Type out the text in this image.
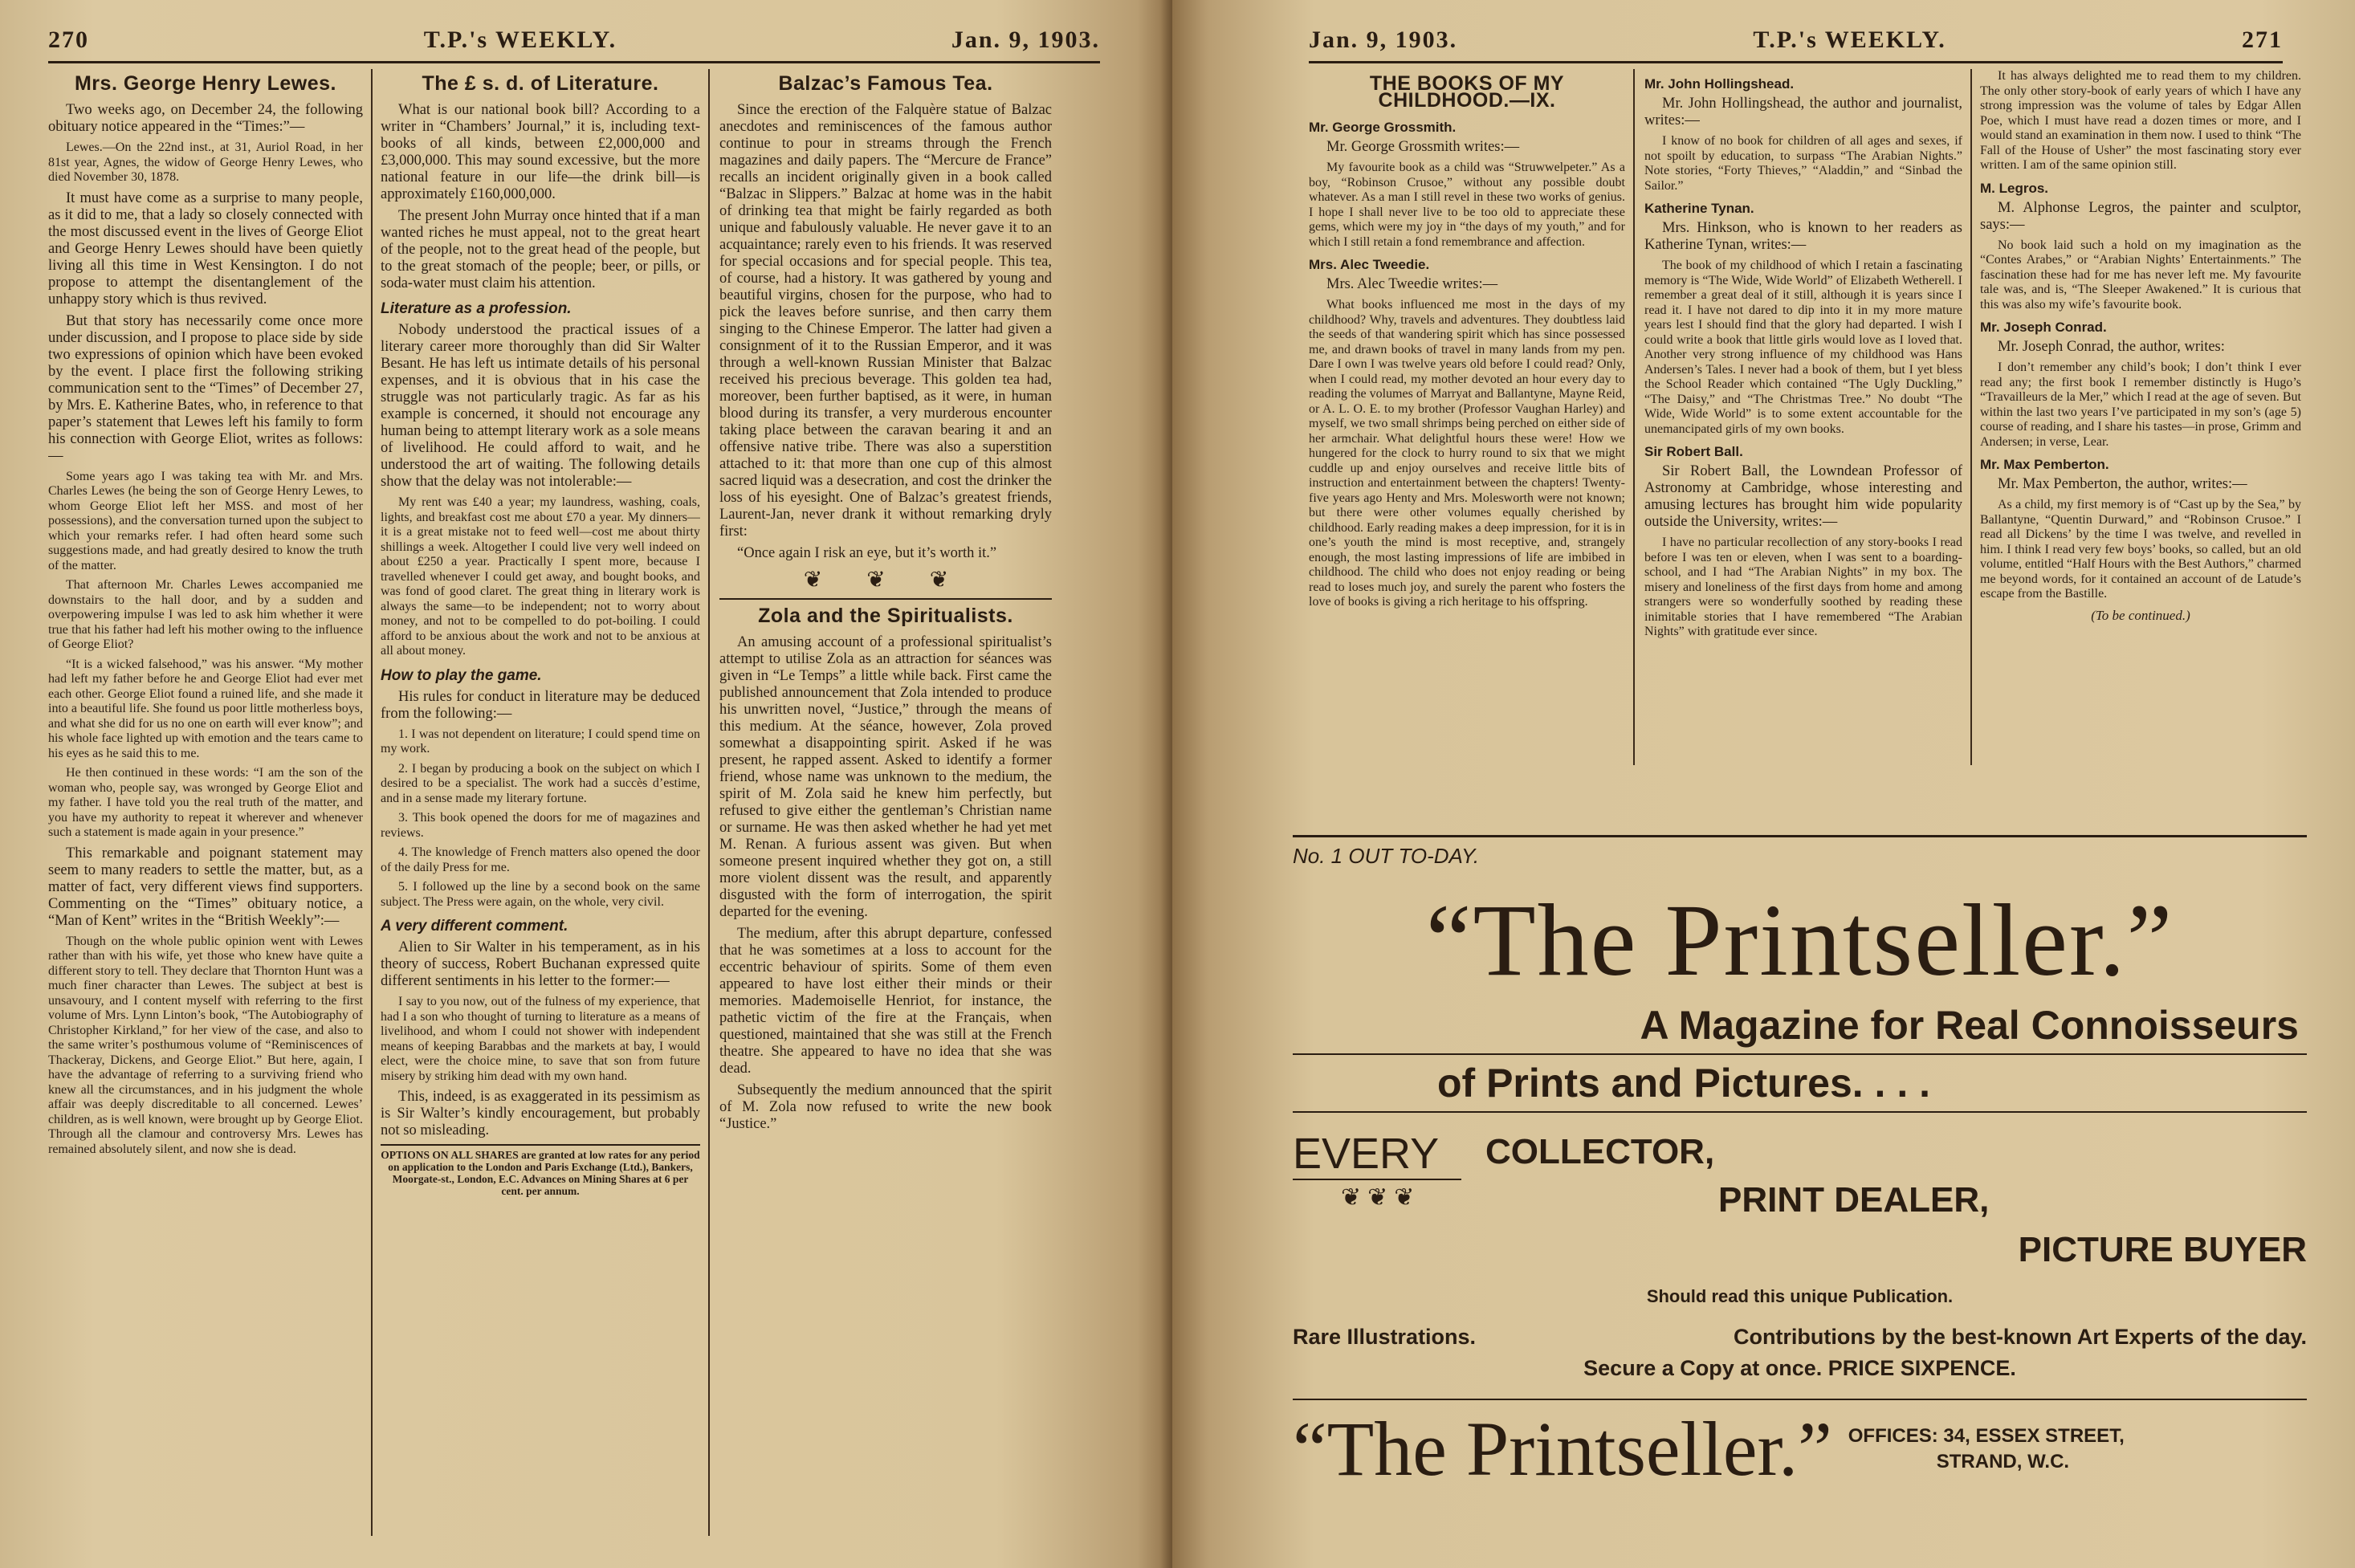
270	T.P.'s WEEKLY.	Jan. 9, 1903.
Mrs. George Henry Lewes.

Two weeks ago, on December 24, the following obituary notice appeared in the “Times:”—

Lewes.—On the 22nd inst., at 31, Auriol Road, in her 81st year, Agnes, the widow of George Henry Lewes, who died November 30, 1878.

It must have come as a surprise to many people, as it did to me, that a lady so closely connected with the most discussed event in the lives of George Eliot and George Henry Lewes should have been quietly living all this time in West Kensington. I do not propose to attempt the disentanglement of the unhappy story which is thus revived.

But that story has necessarily come once more under discussion, and I propose to place side by side two expressions of opinion which have been evoked by the event. I place first the following striking communication sent to the “Times” of December 27, by Mrs. E. Katherine Bates, who, in reference to that paper’s statement that Lewes left his family to form his connection with George Eliot, writes as follows:—

Some years ago I was taking tea with Mr. and Mrs. Charles Lewes (he being the son of George Henry Lewes, to whom George Eliot left her MSS. and most of her possessions), and the conversation turned upon the subject to which your remarks refer. I had often heard some such suggestions made, and had greatly desired to know the truth of the matter.

That afternoon Mr. Charles Lewes accompanied me downstairs to the hall door, and by a sudden and overpowering impulse I was led to ask him whether it were true that his father had left his mother owing to the influence of George Eliot?

“It is a wicked falsehood,” was his answer. “My mother had left my father before he and George Eliot had ever met each other. George Eliot found a ruined life, and she made it into a beautiful life. She found us poor little motherless boys, and what she did for us no one on earth will ever know”; and his whole face lighted up with emotion and the tears came to his eyes as he said this to me.

He then continued in these words: “I am the son of the woman who, people say, was wronged by George Eliot and my father. I have told you the real truth of the matter, and you have my authority to repeat it wherever and whenever such a statement is made again in your presence.”

This remarkable and poignant statement may seem to many readers to settle the matter, but, as a matter of fact, very different views find supporters. Commenting on the “Times” obituary notice, a “Man of Kent” writes in the “British Weekly”:—

Though on the whole public opinion went with Lewes rather than with his wife, yet those who knew have quite a different story to tell. They declare that Thornton Hunt was a much finer character than Lewes. The subject at best is unsavoury, and I content myself with referring to the first volume of Mrs. Lynn Linton’s book, “The Autobiography of Christopher Kirkland,” for her view of the case, and also to the same writer’s posthumous volume of “Reminiscences of Thackeray, Dickens, and George Eliot.” But here, again, I have the advantage of referring to a surviving friend who knew all the circumstances, and in his judgment the whole affair was deeply discreditable to all concerned. Lewes’ children, as is well known, were brought up by George Eliot. Through all the clamour and controversy Mrs. Lewes has remained absolutely silent, and now she is dead.

The £ s. d. of Literature.

What is our national book bill? According to a writer in “Chambers’ Journal,” it is, including text-books of all kinds, between £2,000,000 and £3,000,000. This may sound excessive, but the more national feature in our life—the drink bill—is approximately £160,000,000.

The present John Murray once hinted that if a man wanted riches he must appeal, not to the great heart of the people, not to the great head of the people, but to the great stomach of the people; beer, or pills, or soda-water must claim his attention.

Literature as a profession.

Nobody understood the practical issues of a literary career more thoroughly than did Sir Walter Besant. He has left us intimate details of his personal expenses, and it is obvious that in his case the struggle was not particularly tragic. As far as his example is concerned, it should not encourage any human being to attempt literary work as a sole means of livelihood. He could afford to wait, and he understood the art of waiting. The following details show that the delay was not intolerable:—

My rent was £40 a year; my laundress, washing, coals, lights, and breakfast cost me about £70 a year. My dinners—it is a great mistake not to feed well—cost me about thirty shillings a week. Altogether I could live very well indeed on about £250 a year. Practically I spent more, because I travelled whenever I could get away, and bought books, and was fond of good claret. The great thing in literary work is always the same—to be independent; not to worry about money, and not to be compelled to do pot-boiling. I could afford to be anxious about the work and not to be anxious at all about money.

How to play the game.

His rules for conduct in literature may be deduced from the following:—

1. I was not dependent on literature; I could spend time on my work.

2. I began by producing a book on the subject on which I desired to be a specialist. The work had a succès d’estime, and in a sense made my literary fortune.

3. This book opened the doors for me of magazines and reviews.

4. The knowledge of French matters also opened the door of the daily Press for me.

5. I followed up the line by a second book on the same subject. The Press were again, on the whole, very civil.

A very different comment.

Alien to Sir Walter in his temperament, as in his theory of success, Robert Buchanan expressed quite different sentiments in his letter to the former:—

I say to you now, out of the fulness of my experience, that had I a son who thought of turning to literature as a means of livelihood, and whom I could not shower with independent means of keeping Barabbas and the markets at bay, I would elect, were the choice mine, to save that son from future misery by striking him dead with my own hand.

This, indeed, is as exaggerated in its pessimism as is Sir Walter’s kindly encouragement, but probably not so misleading.

OPTIONS ON ALL SHARES are granted at low rates for any period on application to the London and Paris Exchange (Ltd.), Bankers, Moorgate-st., London, E.C. Advances on Mining Shares at 6 per cent. per annum.
Balzac’s Famous Tea.

Since the erection of the Falquère statue of Balzac anecdotes and reminiscences of the famous author continue to pour in streams through the French magazines and daily papers. The “Mercure de France” recalls an incident originally given in a book called “Balzac in Slippers.” Balzac at home was in the habit of drinking tea that might be fairly regarded as both unique and fabulously valuable. He never gave it to an acquaintance; rarely even to his friends. It was reserved for special occasions and for special people. This tea, of course, had a history. It was gathered by young and beautiful virgins, chosen for the purpose, who had to pick the leaves before sunrise, and then carry them singing to the Chinese Emperor. The latter had given a consignment of it to the Russian Emperor, and it was through a well-known Russian Minister that Balzac received his precious beverage. This golden tea had, moreover, been further baptised, as it were, in human blood during its transfer, a very murderous encounter taking place between the caravan bearing it and an offensive native tribe. There was also a superstition attached to it: that more than one cup of this almost sacred liquid was a desecration, and cost the drinker the loss of his eyesight. One of Balzac’s greatest friends, Laurent-Jan, never drank it without remarking dryly first:

“Once again I risk an eye, but it’s worth it.”

❦ ❦ ❦
Zola and the Spiritualists.

An amusing account of a professional spiritualist’s attempt to utilise Zola as an attraction for séances was given in “Le Temps” a little while back. First came the published announcement that Zola intended to produce his unwritten novel, “Justice,” through the means of this medium. At the séance, however, Zola proved somewhat a disappointing spirit. Asked if he was present, he rapped assent. Asked to identify a former friend, whose name was unknown to the medium, the spirit of M. Zola said he knew him perfectly, but refused to give either the gentleman’s Christian name or surname. He was then asked whether he had yet met M. Renan. A furious assent was given. But when someone present inquired whether they got on, a still more violent dissent was the result, and apparently disgusted with the form of interrogation, the spirit departed for the evening.

The medium, after this abrupt departure, confessed that he was sometimes at a loss to account for the eccentric behaviour of spirits. Some of them even appeared to have lost either their minds or their memories. Mademoiselle Henriot, for instance, the pathetic victim of the fire at the Français, when questioned, maintained that she was still at the French theatre. She appeared to have no idea that she was dead.

Subsequently the medium announced that the spirit of M. Zola now refused to write the new book “Justice.”

Jan. 9, 1903.	T.P.'s WEEKLY.	271
THE BOOKS OF MY CHILDHOOD.—IX.
Mr. George Grossmith.

Mr. George Grossmith writes:—

My favourite book as a child was “Struwwelpeter.” As a boy, “Robinson Crusoe,” without any possible doubt whatever. As a man I still revel in these two works of genius. I hope I shall never live to be too old to appreciate these gems, which were my joy in “the days of my youth,” and for which I still retain a fond remembrance and affection.

Mrs. Alec Tweedie.

Mrs. Alec Tweedie writes:—

What books influenced me most in the days of my childhood? Why, travels and adventures. They doubtless laid the seeds of that wandering spirit which has since possessed me, and drawn books of travel in many lands from my pen. Dare I own I was twelve years old before I could read? Only, when I could read, my mother devoted an hour every day to reading the volumes of Marryat and Ballantyne, Mayne Reid, or A. L. O. E. to my brother (Professor Vaughan Harley) and myself, we two small shrimps being perched on either side of her armchair. What delightful hours these were! How we hungered for the clock to hurry round to six that we might cuddle up and enjoy ourselves and receive little bits of instruction and entertainment between the chapters! Twenty-five years ago Henty and Mrs. Molesworth were not known; but there were other volumes equally cherished by childhood. Early reading makes a deep impression, for it is in one’s youth the mind is most receptive, and, strangely enough, the most lasting impressions of life are imbibed in childhood. The child who does not enjoy reading or being read to loses much joy, and surely the parent who fosters the love of books is giving a rich heritage to his offspring.

Mr. John Hollingshead.

Mr. John Hollingshead, the author and journalist, writes:—

I know of no book for children of all ages and sexes, if not spoilt by education, to surpass “The Arabian Nights.” Note stories, “Forty Thieves,” “Aladdin,” and “Sinbad the Sailor.”

Katherine Tynan.

Mrs. Hinkson, who is known to her readers as Katherine Tynan, writes:—

The book of my childhood of which I retain a fascinating memory is “The Wide, Wide World” of Elizabeth Wetherell. I remember a great deal of it still, although it is years since I read it. I have not dared to dip into it in my more mature years lest I should find that the glory had departed. I wish I could write a book that little girls would love as I loved that. Another very strong influence of my childhood was Hans Andersen’s Tales. I never had a book of them, but I yet bless the School Reader which contained “The Ugly Duckling,” “The Daisy,” and “The Christmas Tree.” No doubt “The Wide, Wide World” is to some extent accountable for the unemancipated girls of my own books.

Sir Robert Ball.

Sir Robert Ball, the Lowndean Professor of Astronomy at Cambridge, whose interesting and amusing lectures has brought him wide popularity outside the University, writes:—

I have no particular recollection of any story-books I read before I was ten or eleven, when I was sent to a boarding-school, and I had “The Arabian Nights” in my box. The misery and loneliness of the first days from home and among strangers were so wonderfully soothed by reading these inimitable stories that I have remembered “The Arabian Nights” with gratitude ever since.

It has always delighted me to read them to my children. The only other story-book of early years of which I have any strong impression was the volume of tales by Edgar Allen Poe, which I must have read a dozen times or more, and I would stand an examination in them now. I used to think “The Fall of the House of Usher” the most fascinating story ever written. I am of the same opinion still.

M. Legros.

M. Alphonse Legros, the painter and sculptor, says:—

No book laid such a hold on my imagination as the “Contes Arabes,” or “Arabian Nights’ Entertainments.” The fascination these had for me has never left me. My favourite tale was, and is, “The Sleeper Awakened.” It is curious that this was also my wife’s favourite book.

Mr. Joseph Conrad.

Mr. Joseph Conrad, the author, writes:

I don’t remember any child’s book; I don’t think I ever read any; the first book I remember distinctly is Hugo’s “Travailleurs de la Mer,” which I read at the age of seven. But within the last two years I’ve participated in my son’s (age 5) course of reading, and I share his tastes—in prose, Grimm and Andersen; in verse, Lear.

Mr. Max Pemberton.

Mr. Max Pemberton, the author, writes:—

As a child, my first memory is of “Cast up by the Sea,” by Ballantyne, “Quentin Durward,” and “Robinson Crusoe.” I read all Dickens’ by the time I was twelve, and revelled in him. I think I read very few boys’ books, so called, but an old volume, entitled “Half Hours with the Best Authors,” charmed me beyond words, for it contained an account of de Latude’s escape from the Bastille.

(To be continued.)
No. 1 OUT TO-DAY.
“The Printseller.”
A Magazine for Real Connoisseurs
of Prints and Pictures. . . .
EVERY
❦❦❦
COLLECTOR,
PRINT DEALER,
PICTURE BUYER
Should read this unique Publication.
Rare Illustrations.	Contributions by the best-known Art Experts of the day.
Secure a Copy at once. PRICE SIXPENCE.
“The Printseller.” OFFICES: 34, ESSEX STREET,
STRAND, W.C.
